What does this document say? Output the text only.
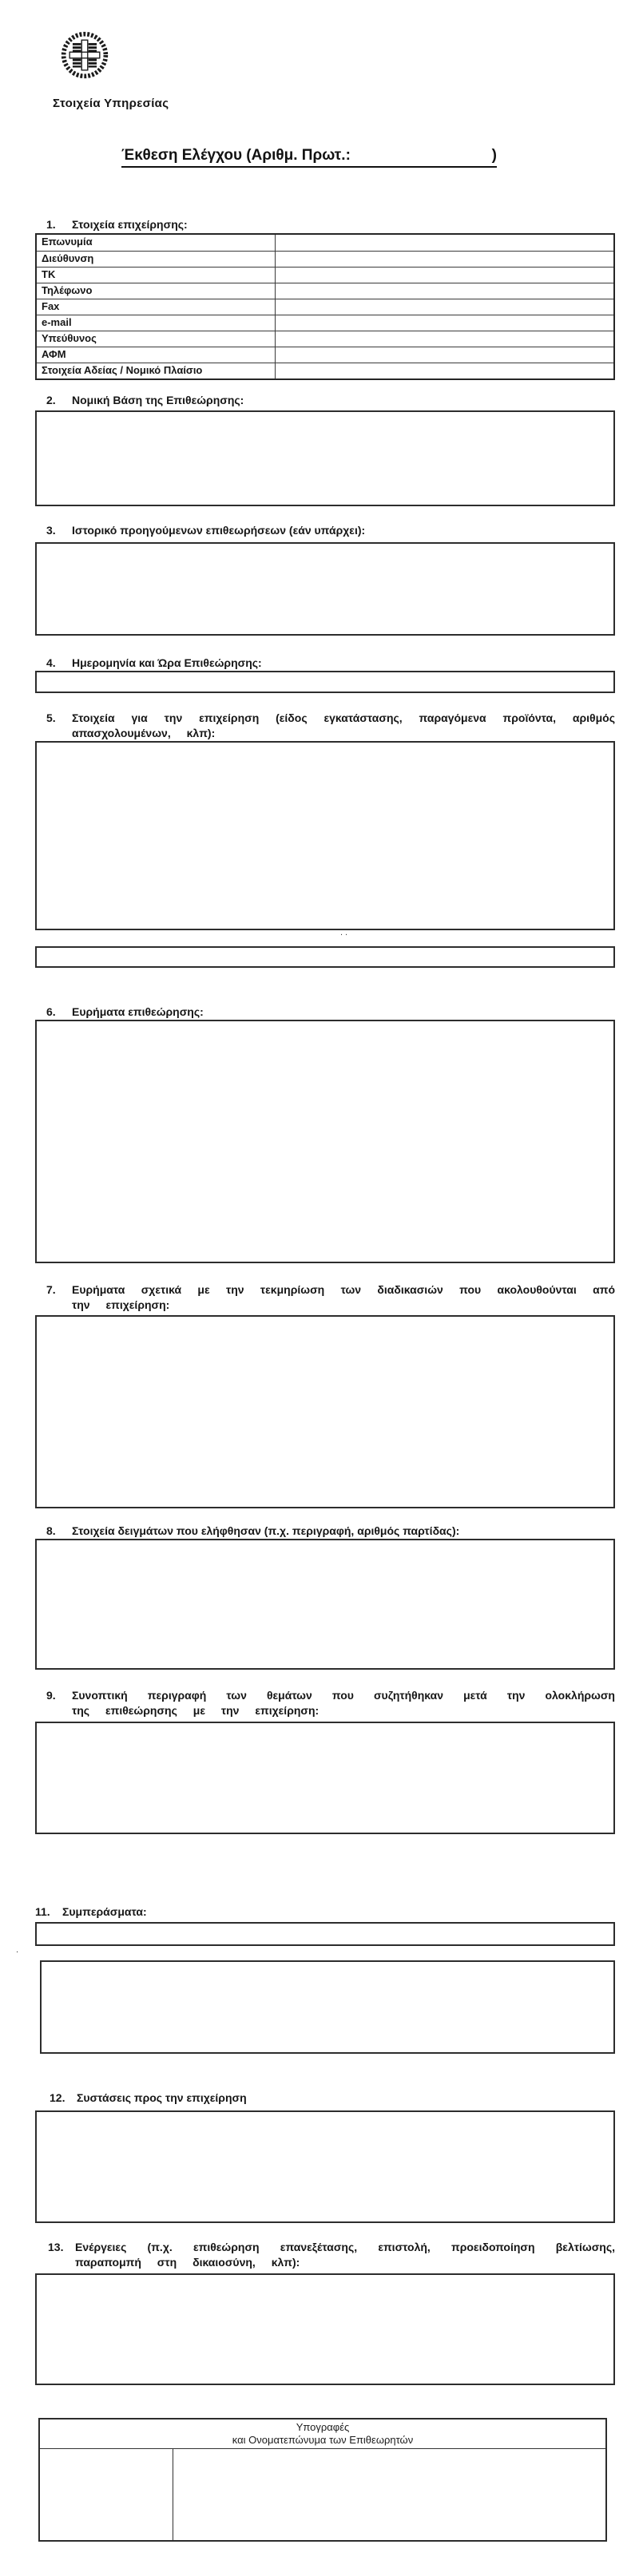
Στοιχεία Υπηρεσίας
Έκθεση Ελέγχου (Αριθμ. Πρωτ.:	)
1. Στοιχεία επιχείρησης:
Επωνυμία
Διεύθυνση
ΤΚ
Τηλέφωνο
Fax
e-mail
Υπεύθυνος
ΑΦΜ
Στοιχεία Αδείας / Νομικό Πλαίσιο
2. Νομική Βάση της Επιθεώρησης:
3. Ιστορικό προηγούμενων επιθεωρήσεων (εάν υπάρχει):
4. Ημερομηνία και Ώρα Επιθεώρησης:
5. Στοιχεία για την επιχείρηση (είδος εγκατάστασης, παραγόμενα προϊόντα, αριθμός απασχολουμένων, κλπ):
..
6. Ευρήματα επιθεώρησης:
7. Ευρήματα σχετικά με την τεκμηρίωση των διαδικασιών που ακολουθούνται από την επιχείρηση:
8. Στοιχεία δειγμάτων που ελήφθησαν (π.χ. περιγραφή, αριθμός παρτίδας):
9. Συνοπτική περιγραφή των θεμάτων που συζητήθηκαν μετά την ολοκλήρωση της επιθεώρησης με την επιχείρηση:
11. Συμπεράσματα:
.
12. Συστάσεις προς την επιχείρηση
13. Ενέργειες (π.χ. επιθεώρηση επανεξέτασης, επιστολή, προειδοποίηση βελτίωσης, παραπομπή στη δικαιοσύνη, κλπ):
Υπογραφές
και Ονοματεπώνυμα των Επιθεωρητών
